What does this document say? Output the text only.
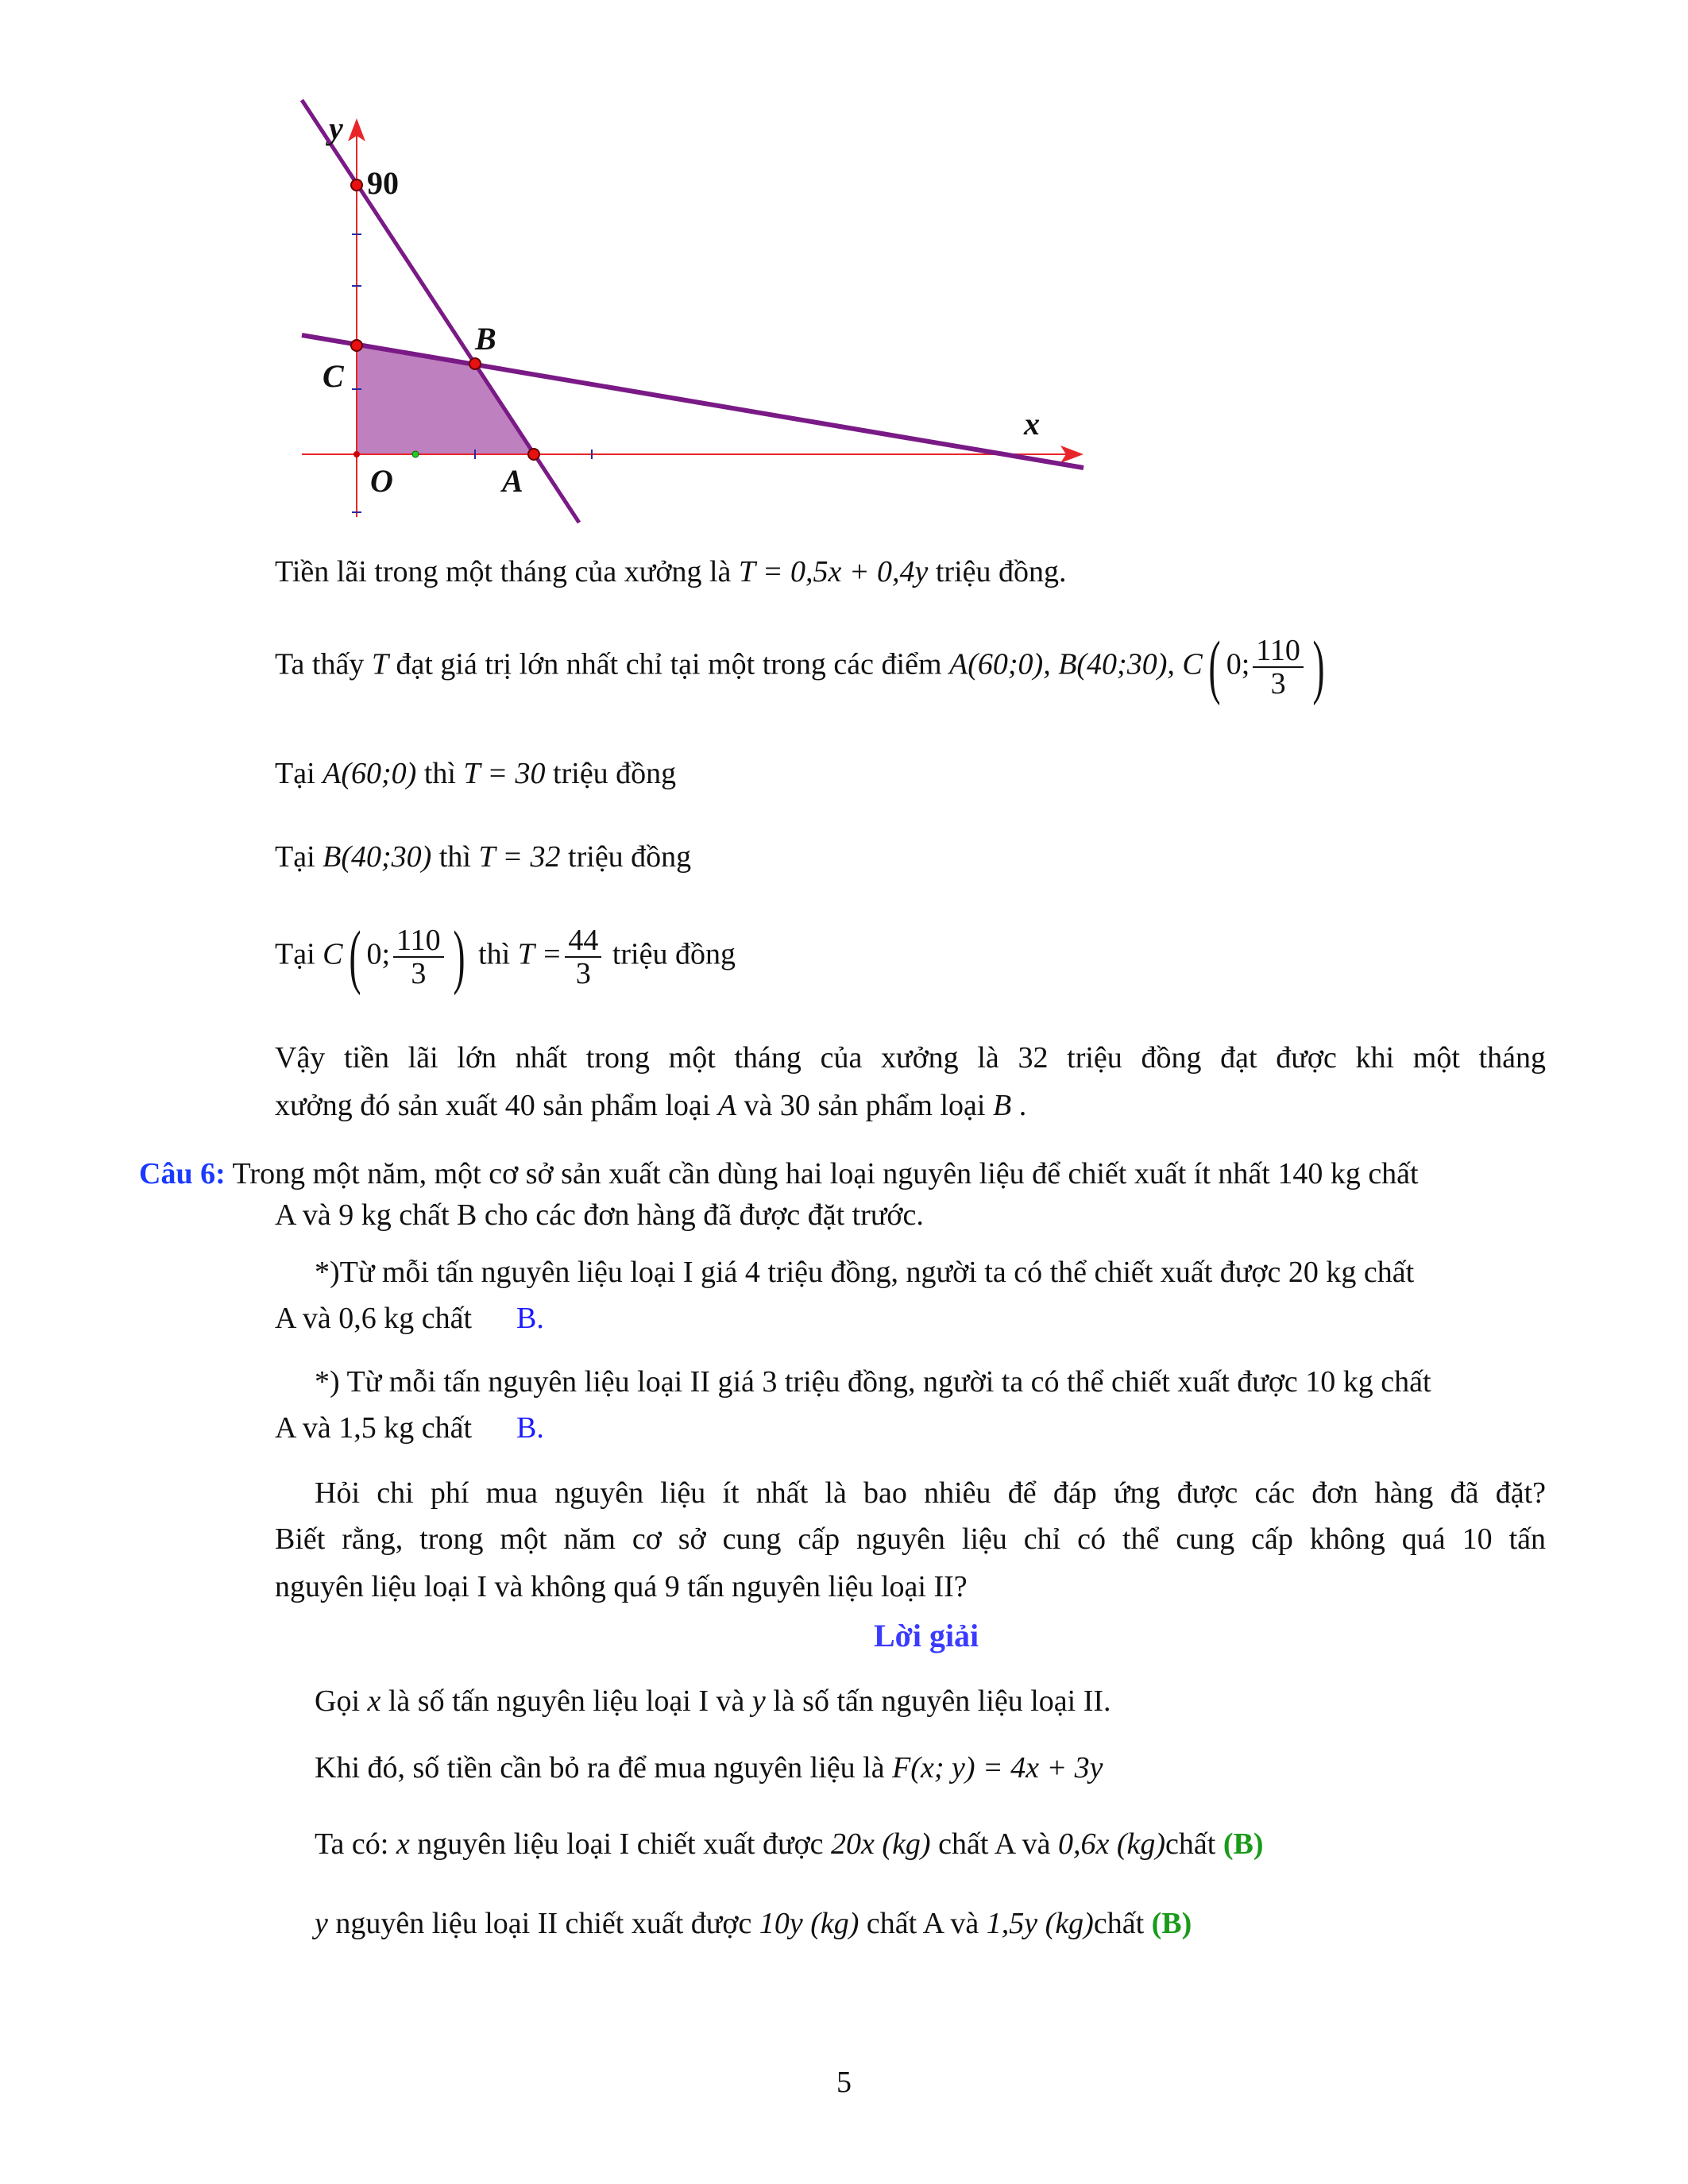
y
90
B
C
x
O	A
Tiền lãi trong một tháng của xưởng là T = 0,5x + 0,4y triệu đồng.
Ta thấy T đạt giá trị lớn nhất chỉ tại một trong các điểm A(60;0), B(40;30), C( 0; $\frac{110}{3}$ )
Tại A(60;0) thì T = 30 triệu đồng
Tại B(40;30) thì T = 32 triệu đồng
Tại C( 0; $\frac{110}{3}$ ) thì $T = \frac{44}{3}$ triệu đồng
Vậy tiền lãi lớn nhất trong một tháng của xưởng là 32 triệu đồng đạt được khi một tháng
xưởng đó sản xuất 40 sản phẩm loại A và 30 sản phẩm loại B .
Câu 6: Trong một năm, một cơ sở sản xuất cần dùng hai loại nguyên liệu để chiết xuất ít nhất 140 kg chất
A và 9 kg chất B cho các đơn hàng đã được đặt trước.
*)Từ mỗi tấn nguyên liệu loại I giá 4 triệu đồng, người ta có thể chiết xuất được 20 kg chất
A và 0,6 kg chất B.
*) Từ mỗi tấn nguyên liệu loại II giá 3 triệu đồng, người ta có thể chiết xuất được 10 kg chất
A và 1,5 kg chất B.
Hỏi chi phí mua nguyên liệu ít nhất là bao nhiêu để đáp ứng được các đơn hàng đã đặt?
Biết rằng, trong một năm cơ sở cung cấp nguyên liệu chỉ có thể cung cấp không quá 10 tấn
nguyên liệu loại I và không quá 9 tấn nguyên liệu loại II?
Lời giải
Gọi x là số tấn nguyên liệu loại I và y là số tấn nguyên liệu loại II.
Khi đó, số tiền cần bỏ ra để mua nguyên liệu là F(x; y) = 4x + 3y
Ta có: x nguyên liệu loại I chiết xuất được 20x (kg) chất A và 0,6x (kg)chất (B)
y nguyên liệu loại II chiết xuất được 10y (kg) chất A và 1,5y (kg)chất (B)
5
